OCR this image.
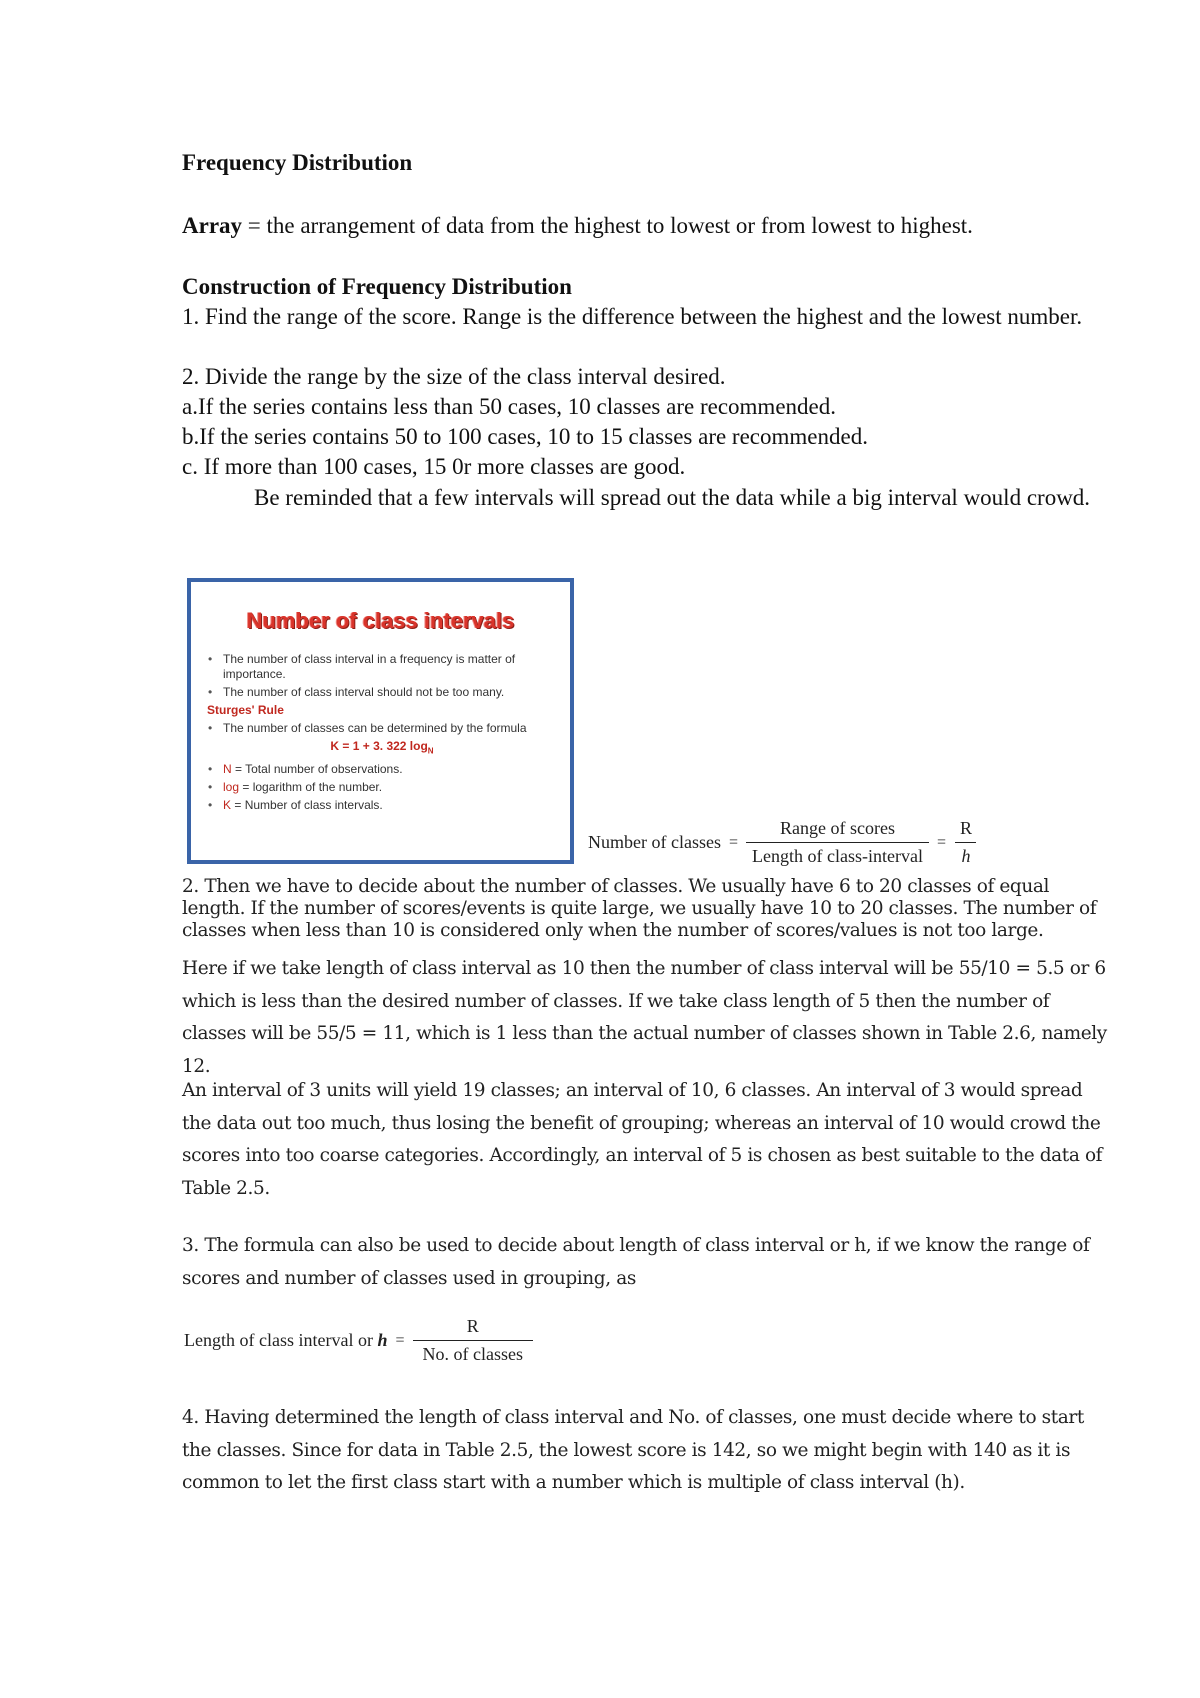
Frequency Distribution
Array = the arrangement of data from the highest to lowest or from lowest to highest.
Construction of Frequency Distribution
1. Find the range of the score. Range is the difference between the highest and the lowest number.
2. Divide the range by the size of the class interval desired.
a.If the series contains less than 50 cases, 10 classes are recommended.
b.If the series contains 50 to 100 cases, 10 to 15 classes are recommended.
c. If more than 100 cases, 15 0r more classes are good.
Be reminded that a few intervals will spread out the data while a big interval would crowd.
Number of class intervals
• The number of class interval in a frequency is matter of importance.
• The number of class interval should not be too many.
Sturges' Rule
• The number of classes can be determined by the formula
K = 1 + 3. 322 $\log_N$
• N = Total number of observations.
• log = logarithm of the number.
• K = Number of class intervals.
Number of classes = $\frac{\text{Range of scores}}{\text{Length of class-interval}} = \frac{R}{h}$
2. Then we have to decide about the number of classes. We usually have 6 to 20 classes of equal length. If the number of scores/events is quite large, we usually have 10 to 20 classes. The number of classes when less than 10 is considered only when the number of scores/values is not too large.
Here if we take length of class interval as 10 then the number of class interval will be 55/10 = 5.5 or 6 which is less than the desired number of classes. If we take class length of 5 then the number of classes will be 55/5 = 11, which is 1 less than the actual number of classes shown in Table 2.6, namely 12.
An interval of 3 units will yield 19 classes; an interval of 10, 6 classes. An interval of 3 would spread the data out too much, thus losing the benefit of grouping; whereas an interval of 10 would crowd the scores into too coarse categories. Accordingly, an interval of 5 is chosen as best suitable to the data of Table 2.5.
3. The formula can also be used to decide about length of class interval or h, if we know the range of scores and number of classes used in grouping, as
Length of class interval or
$h = \frac{R}{\text{No. of classes}}$
4. Having determined the length of class interval and No. of classes, one must decide where to start the classes. Since for data in Table 2.5, the lowest score is 142, so we might begin with 140 as it is common to let the first class start with a number which is multiple of class interval (h).
